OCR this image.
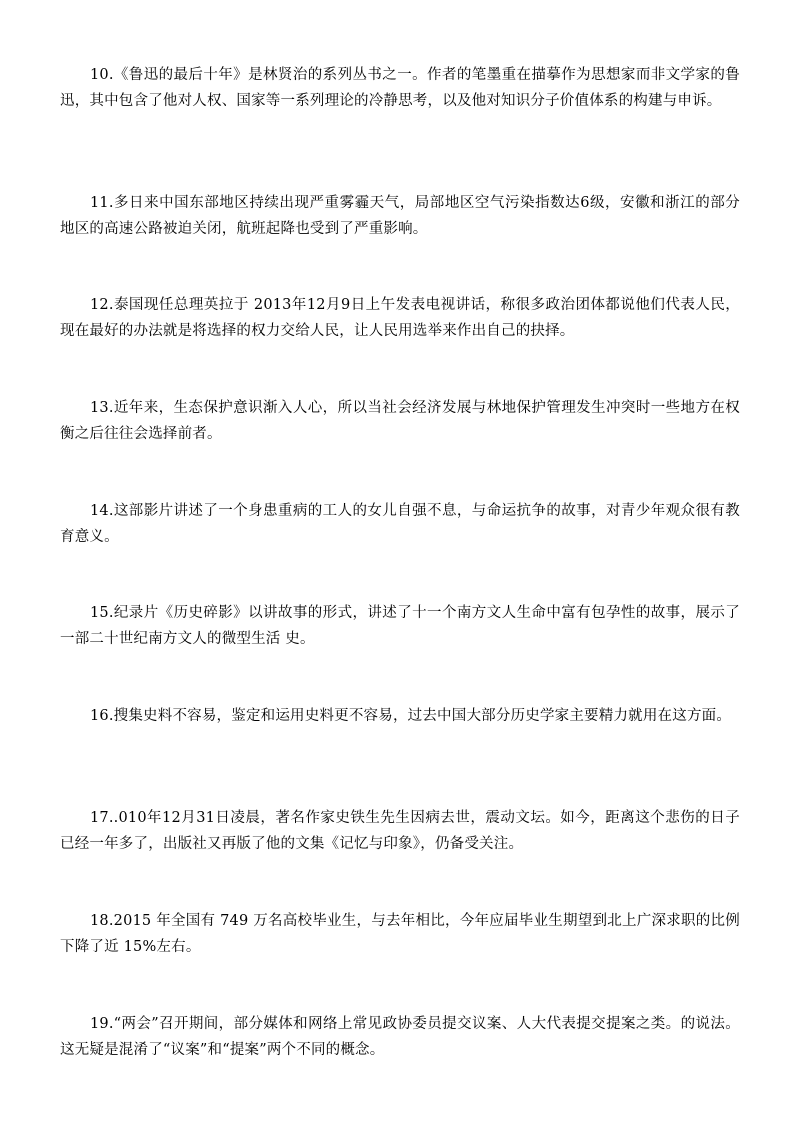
10.《鲁迅的最后十年》是林贤治的系列丛书之一。作者的笔墨重在描摹作为思想家而非文学家的鲁迅，其中包含了他对人权、国家等一系列理论的冷静思考，以及他对知识分子价值体系的构建与申诉。

11.多日来中国东部地区持续出现严重雾霾天气，局部地区空气污染指数达6级，安徽和浙江的部分地区的高速公路被迫关闭，航班起降也受到了严重影响。

12.泰国现任总理英拉于 2013年12月9日上午发表电视讲话，称很多政治团体都说他们代表人民，现在最好的办法就是将选择的权力交给人民，让人民用选举来作出自己的抉择。

13.近年来，生态保护意识渐入人心，所以当社会经济发展与林地保护管理发生冲突时一些地方在权衡之后往往会选择前者。

14.这部影片讲述了一个身患重病的工人的女儿自强不息，与命运抗争的故事，对青少年观众很有教育意义。

15.纪录片《历史碎影》以讲故事的形式，讲述了十一个南方文人生命中富有包孕性的故事，展示了一部二十世纪南方文人的微型生活 史。

16.搜集史料不容易，鉴定和运用史料更不容易，过去中国大部分历史学家主要精力就用在这方面。

17..010年12月31日凌晨，著名作家史铁生先生因病去世，震动文坛。如今，距离这个悲伤的日子已经一年多了，出版社又再版了他的文集《记忆与印象》，仍备受关注。

18.2015 年全国有 749 万名高校毕业生，与去年相比，今年应届毕业生期望到北上广深求职的比例下降了近 15%左右。

19.“两会”召开期间，部分媒体和网络上常见政协委员提交议案、人大代表提交提案之类。的说法。这无疑是混淆了“议案”和“提案”两个不同的概念。
